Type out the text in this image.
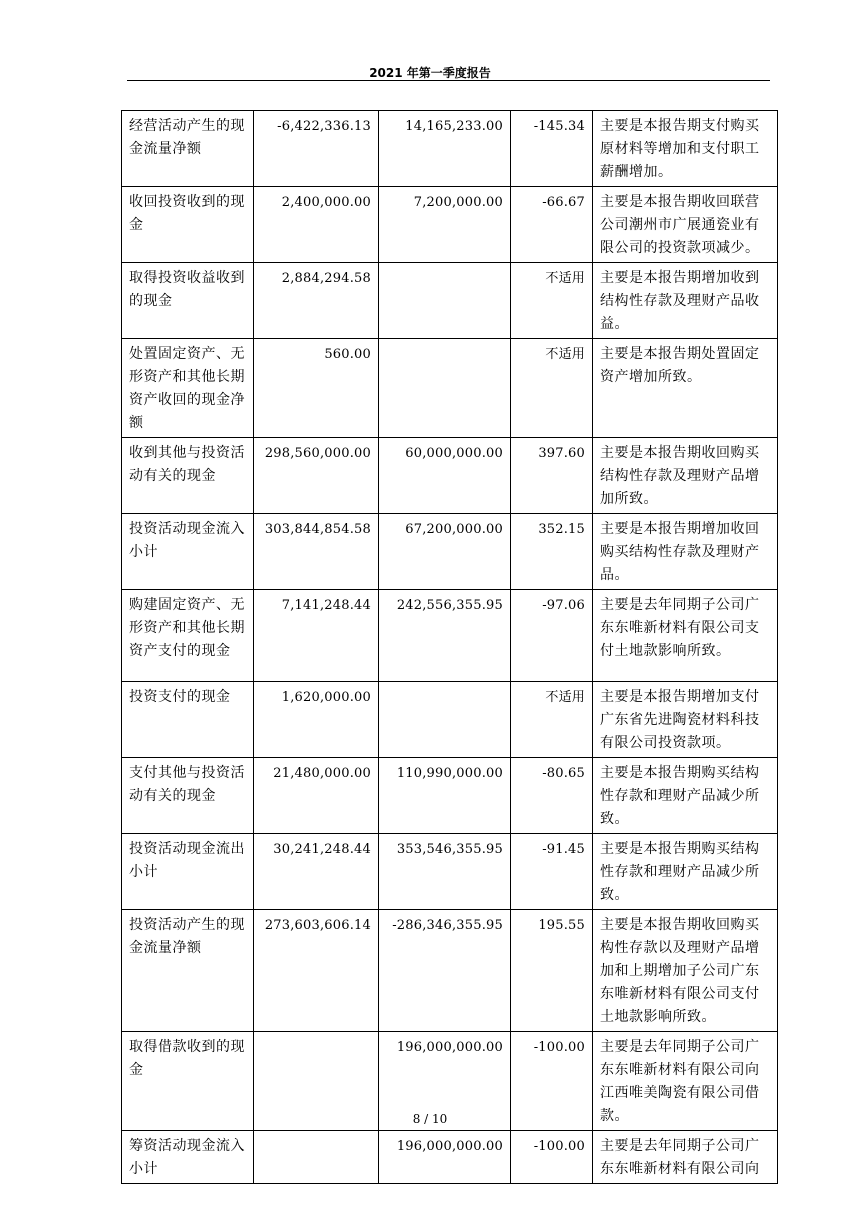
2021 年第一季度报告
经营活动产生的现金流量净额	-6,422,336.13	14,165,233.00	-145.34	主要是本报告期支付购买原材料等增加和支付职工薪酬增加。
收回投资收到的现金	2,400,000.00	7,200,000.00	-66.67	主要是本报告期收回联营公司潮州市广展通瓷业有限公司的投资款项减少。
取得投资收益收到的现金	2,884,294.58		不适用	主要是本报告期增加收到结构性存款及理财产品收益。
处置固定资产、无形资产和其他长期资产收回的现金净额	560.00		不适用	主要是本报告期处置固定资产增加所致。
收到其他与投资活动有关的现金	298,560,000.00	60,000,000.00	397.60	主要是本报告期收回购买结构性存款及理财产品增加所致。
投资活动现金流入小计	303,844,854.58	67,200,000.00	352.15	主要是本报告期增加收回购买结构性存款及理财产品。
购建固定资产、无形资产和其他长期资产支付的现金	7,141,248.44	242,556,355.95	-97.06	主要是去年同期子公司广东东唯新材料有限公司支付土地款影响所致。
投资支付的现金	1,620,000.00		不适用	主要是本报告期增加支付广东省先进陶瓷材料科技有限公司投资款项。
支付其他与投资活动有关的现金	21,480,000.00	110,990,000.00	-80.65	主要是本报告期购买结构性存款和理财产品减少所致。
投资活动现金流出小计	30,241,248.44	353,546,355.95	-91.45	主要是本报告期购买结构性存款和理财产品减少所致。
投资活动产生的现金流量净额	273,603,606.14	-286,346,355.95	195.55	主要是本报告期收回购买构性存款以及理财产品增加和上期增加子公司广东东唯新材料有限公司支付土地款影响所致。
取得借款收到的现金		196,000,000.00	-100.00	主要是去年同期子公司广东东唯新材料有限公司向江西唯美陶瓷有限公司借款。
筹资活动现金流入小计		196,000,000.00	-100.00	主要是去年同期子公司广东东唯新材料有限公司向
8 / 10
